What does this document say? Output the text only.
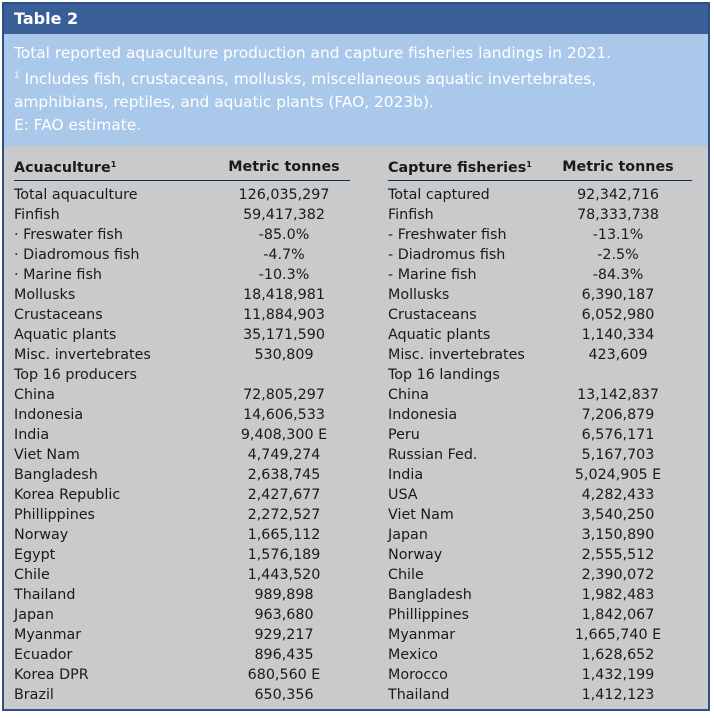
Table 2
Total reported aquaculture production and capture fisheries landings in 2021.
$^1$ Includes fish, crustaceans, mollusks, miscellaneous aquatic invertebrates,
amphibians, reptiles, and aquatic plants (FAO, 2023b).
E: FAO estimate.
Acuaculture$^1$	Metric tonnes		Capture fisheries$^1$	Metric tonnes
Total aquaculture	126,035,297		Total captured	92,342,716
Finfish	59,417,382		Finfish	78,333,738
· Freswater fish	-85.0%		- Freshwater fish	-13.1%
· Diadromous fish	-4.7%		- Diadromus fish	-2.5%
· Marine fish	-10.3%		- Marine fish	-84.3%
Mollusks	18,418,981		Mollusks	6,390,187
Crustaceans	11,884,903		Crustaceans	6,052,980
Aquatic plants	35,171,590		Aquatic plants	1,140,334
Misc. invertebrates	530,809		Misc. invertebrates	423,609
Top 16 producers			Top 16 landings	
China	72,805,297		China	13,142,837
Indonesia	14,606,533		Indonesia	7,206,879
India	9,408,300 E		Peru	6,576,171
Viet Nam	4,749,274		Russian Fed.	5,167,703
Bangladesh	2,638,745		India	5,024,905 E
Korea Republic	2,427,677		USA	4,282,433
Phillippines	2,272,527		Viet Nam	3,540,250
Norway	1,665,112		Japan	3,150,890
Egypt	1,576,189		Norway	2,555,512
Chile	1,443,520		Chile	2,390,072
Thailand	989,898		Bangladesh	1,982,483
Japan	963,680		Phillippines	1,842,067
Myanmar	929,217		Myanmar	1,665,740 E
Ecuador	896,435		Mexico	1,628,652
Korea DPR	680,560 E		Morocco	1,432,199
Brazil	650,356		Thailand	1,412,123
